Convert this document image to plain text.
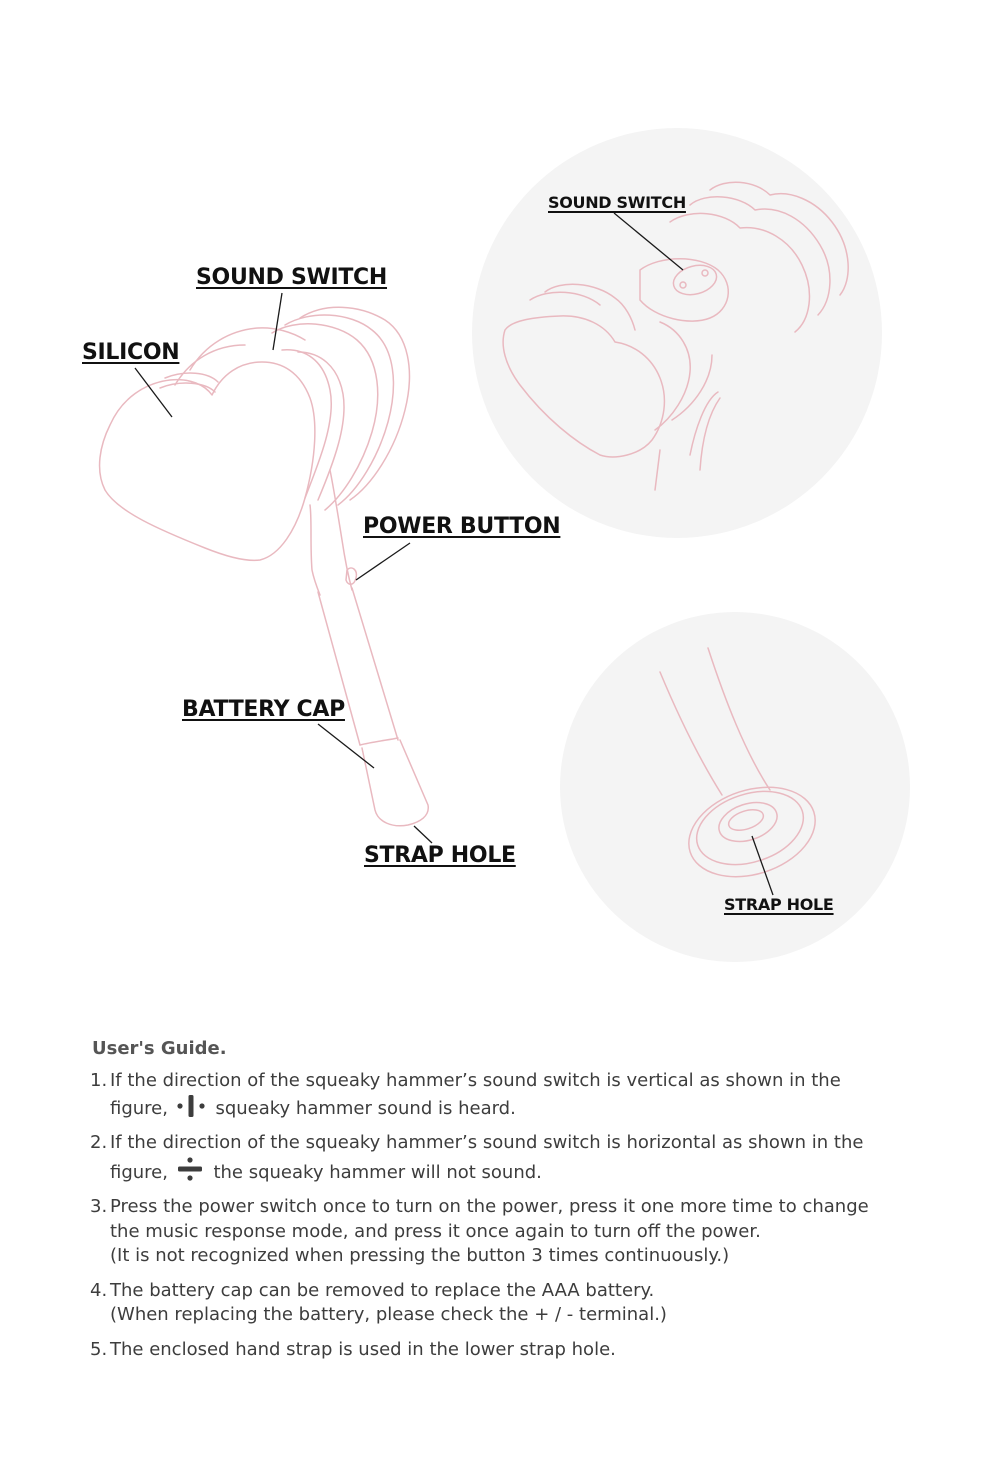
SOUND SWITCH
SILICON
POWER BUTTON
BATTERY CAP
STRAP HOLE
SOUND SWITCH
STRAP HOLE
User's Guide.
1. If the direction of the squeaky hammer’s sound switch is vertical as shown in the
figure,	squeaky hammer sound is heard.
2. If the direction of the squeaky hammer’s sound switch is horizontal as shown in the
figure,	the squeaky hammer will not sound.
3. Press the power switch once to turn on the power, press it one more time to change
the music response mode, and press it once again to turn off the power.
(It is not recognized when pressing the button 3 times continuously.)
4. The battery cap can be removed to replace the AAA battery.
(When replacing the battery, please check the + / - terminal.)
5. The enclosed hand strap is used in the lower strap hole.
